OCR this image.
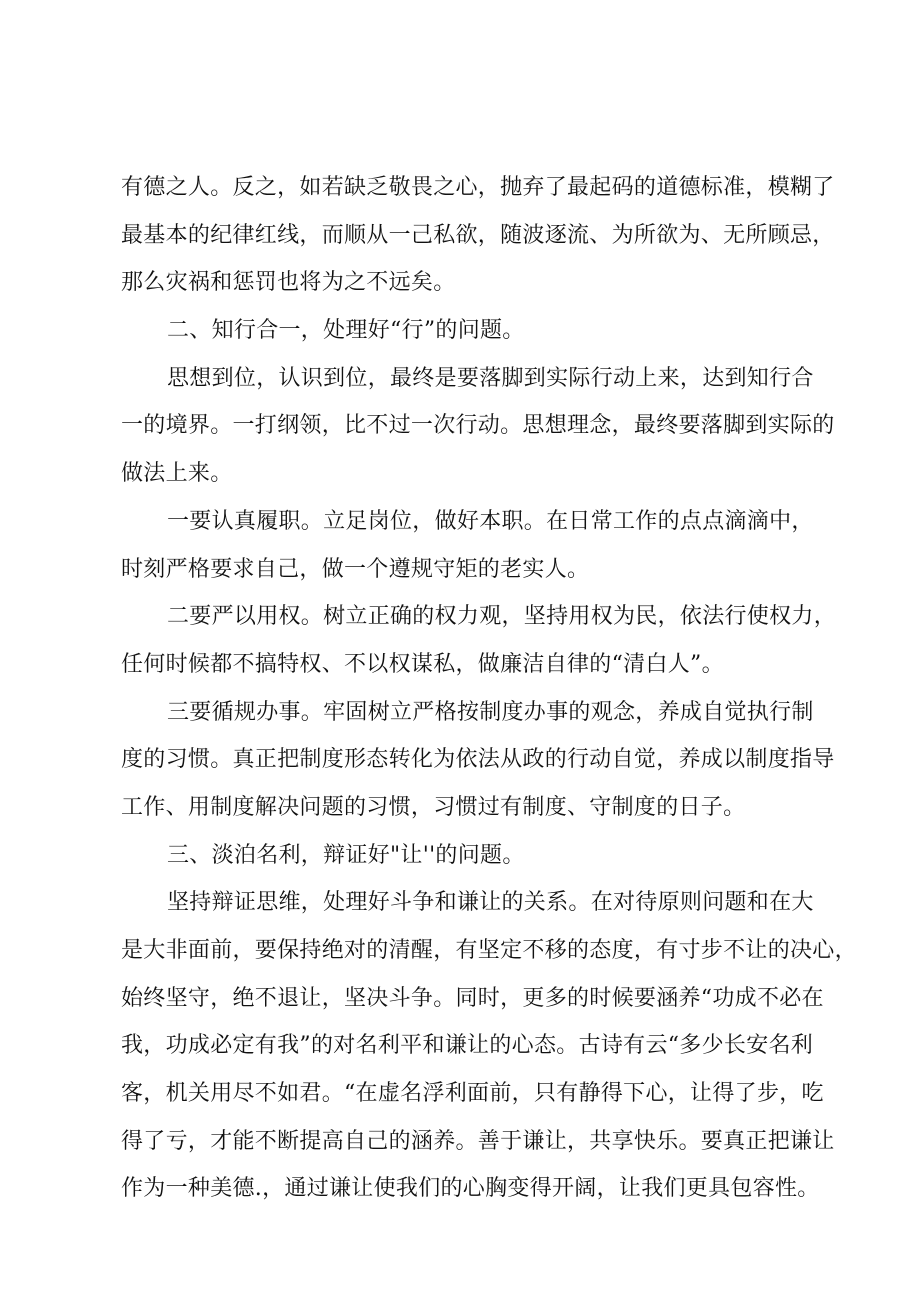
有德之人。反之，如若缺乏敬畏之心，抛弃了最起码的道德标准，模糊了
最基本的纪律红线，而顺从一己私欲，随波逐流、为所欲为、无所顾忌，
那么灾祸和惩罚也将为之不远矣。
二、知行合一，处理好“行”的问题。
思想到位，认识到位，最终是要落脚到实际行动上来，达到知行合
一的境界。一打纲领，比不过一次行动。思想理念，最终要落脚到实际的
做法上来。
一要认真履职。立足岗位，做好本职。在日常工作的点点滴滴中，
时刻严格要求自己，做一个遵规守矩的老实人。
二要严以用权。树立正确的权力观，坚持用权为民，依法行使权力，
任何时候都不搞特权、不以权谋私，做廉洁自律的“清白人”。
三要循规办事。牢固树立严格按制度办事的观念，养成自觉执行制
度的习惯。真正把制度形态转化为依法从政的行动自觉，养成以制度指导
工作、用制度解决问题的习惯，习惯过有制度、守制度的日子。
三、淡泊名利，辩证好"让''的问题。
坚持辩证思维，处理好斗争和谦让的关系。在对待原则问题和在大
是大非面前，要保持绝对的清醒，有坚定不移的态度，有寸步不让的决心，
始终坚守，绝不退让，坚决斗争。同时，更多的时候要涵养“功成不必在
我，功成必定有我”的对名利平和谦让的心态。古诗有云“多少长安名利
客，机关用尽不如君。“在虚名浮利面前，只有静得下心，让得了步，吃
得了亏，才能不断提高自己的涵养。善于谦让，共享快乐。要真正把谦让
作为一种美德.，通过谦让使我们的心胸变得开阔，让我们更具包容性。
